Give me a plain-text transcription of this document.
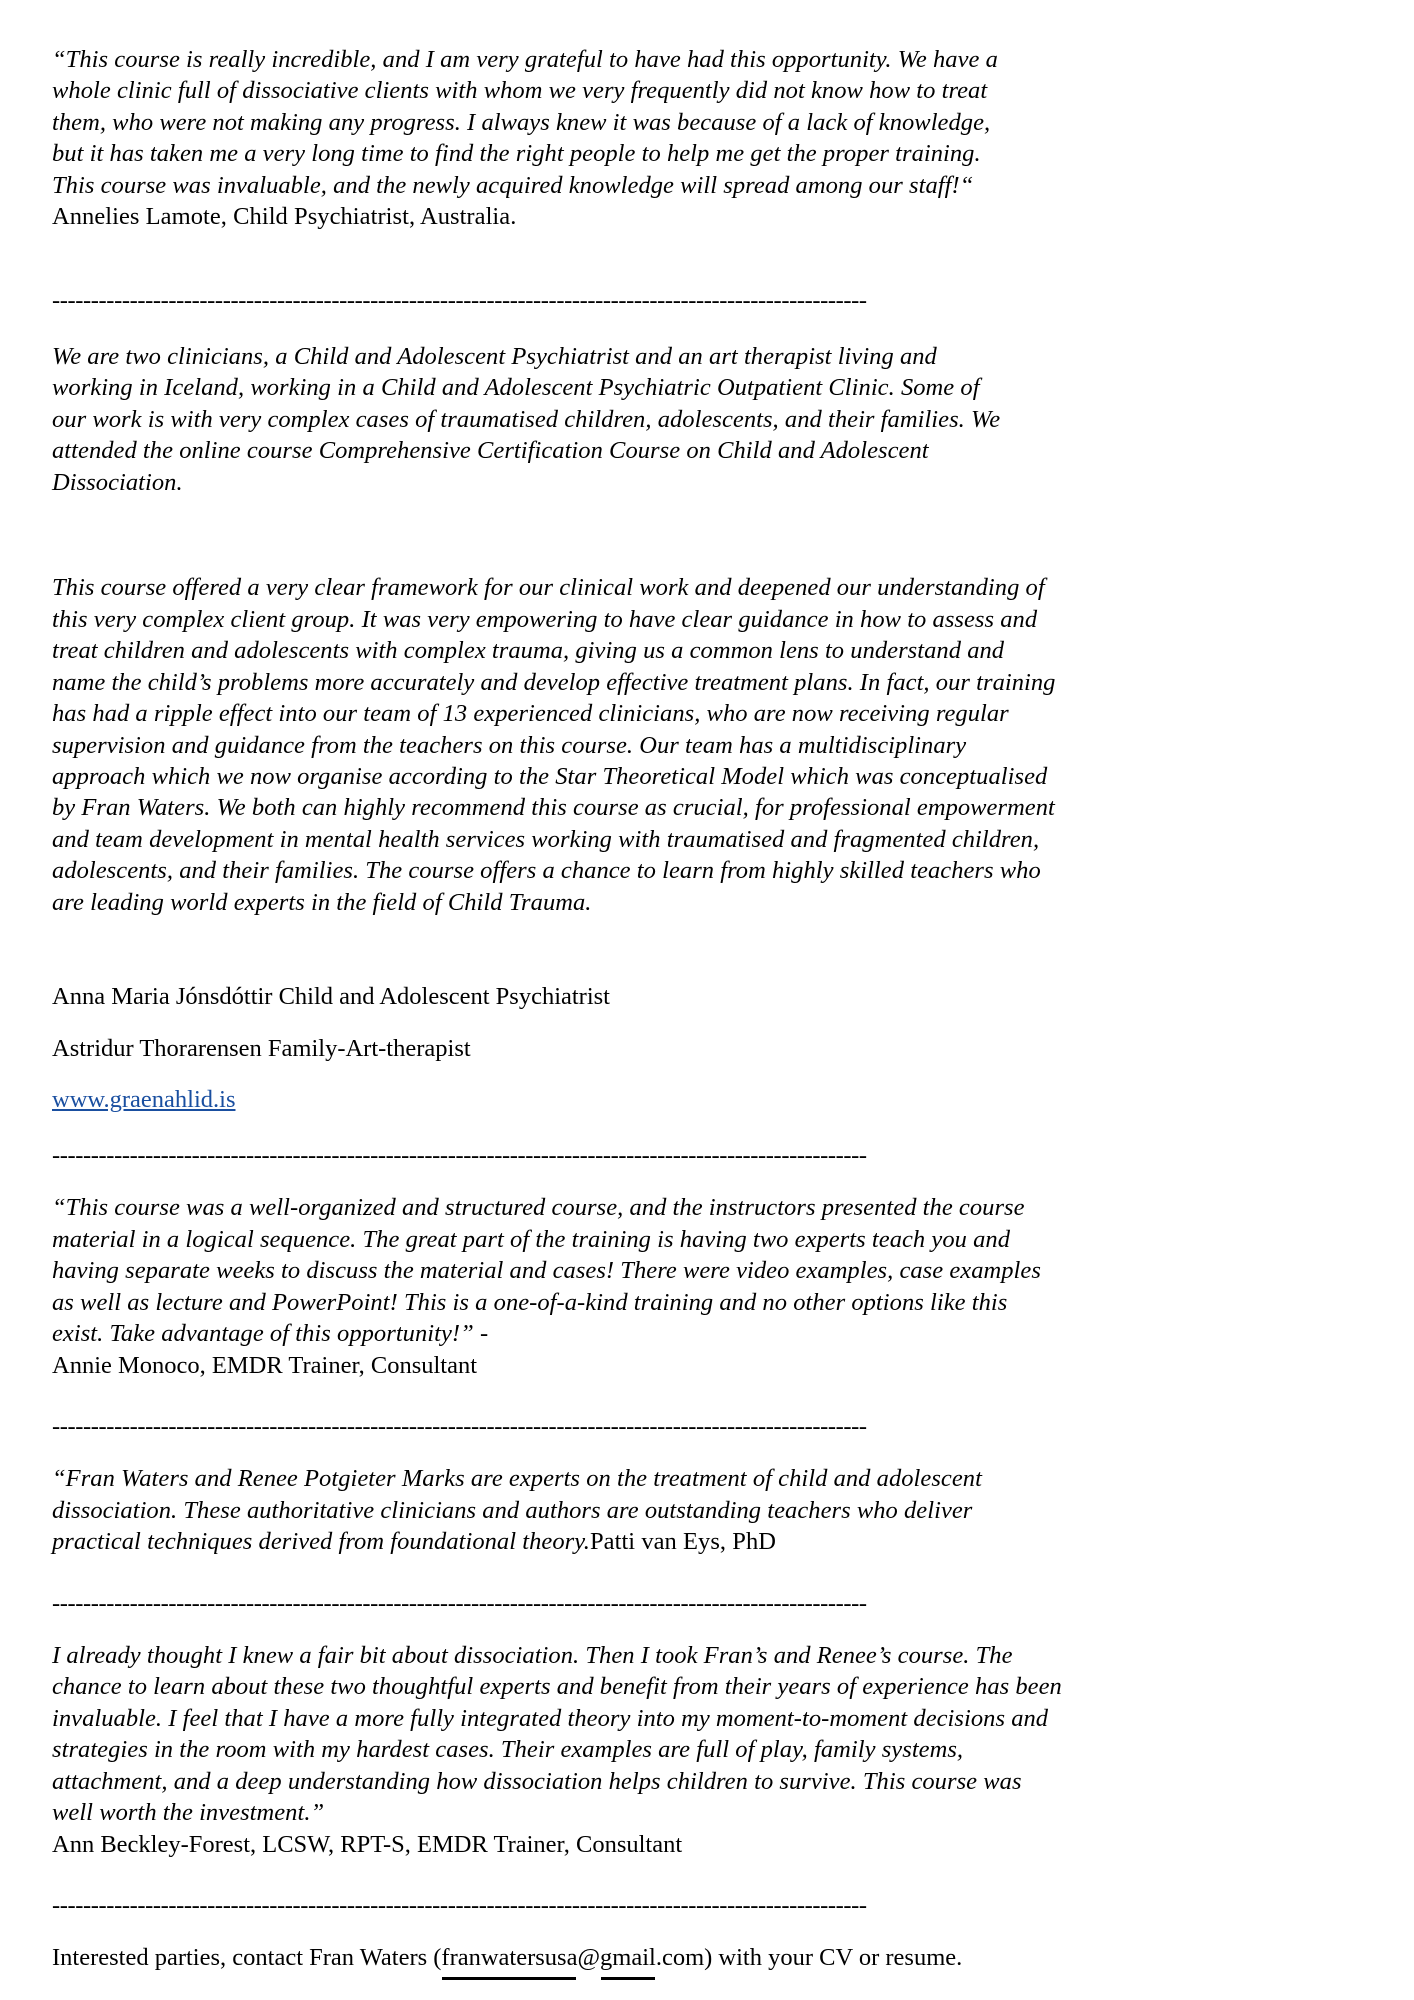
“This course is really incredible, and I am very grateful to have had this opportunity. We have a whole clinic full of dissociative clients with whom we very frequently did not know how to treat them, who were not making any progress. I always knew it was because of a lack of knowledge, but it has taken me a very long time to find the right people to help me get the proper training. This course was invaluable, and the newly acquired knowledge will spread among our staff!“ Annelies Lamote, Child Psychiatrist, Australia.

---------------------------------------------------------------------------------------------------------

We are two clinicians, a Child and Adolescent Psychiatrist and an art therapist living and working in Iceland, working in a Child and Adolescent Psychiatric Outpatient Clinic. Some of our work is with very complex cases of traumatised children, adolescents, and their families. We attended the online course Comprehensive Certification Course on Child and Adolescent Dissociation.

This course offered a very clear framework for our clinical work and deepened our understanding of this very complex client group. It was very empowering to have clear guidance in how to assess and treat children and adolescents with complex trauma, giving us a common lens to understand and name the child’s problems more accurately and develop effective treatment plans. In fact, our training has had a ripple effect into our team of 13 experienced clinicians, who are now receiving regular supervision and guidance from the teachers on this course. Our team has a multidisciplinary approach which we now organise according to the Star Theoretical Model which was conceptualised by Fran Waters. We both can highly recommend this course as crucial, for professional empowerment and team development in mental health services working with traumatised and fragmented children, adolescents, and their families. The course offers a chance to learn from highly skilled teachers who are leading world experts in the field of Child Trauma.

Anna Maria Jónsdóttir Child and Adolescent Psychiatrist

Astridur Thorarensen Family-Art-therapist

www.graenahlid.is

---------------------------------------------------------------------------------------------------------

“This course was a well-organized and structured course, and the instructors presented the course material in a logical sequence. The great part of the training is having two experts teach you and having separate weeks to discuss the material and cases! There were video examples, case examples as well as lecture and PowerPoint! This is a one-of-a-kind training and no other options like this exist. Take advantage of this opportunity!” -

Annie Monoco, EMDR Trainer, Consultant

---------------------------------------------------------------------------------------------------------

“Fran Waters and Renee Potgieter Marks are experts on the treatment of child and adolescent dissociation. These authoritative clinicians and authors are outstanding teachers who deliver practical techniques derived from foundational theory.Patti van Eys, PhD

---------------------------------------------------------------------------------------------------------

I already thought I knew a fair bit about dissociation. Then I took Fran’s and Renee’s course. The chance to learn about these two thoughtful experts and benefit from their years of experience has been invaluable. I feel that I have a more fully integrated theory into my moment-to-moment decisions and strategies in the room with my hardest cases. Their examples are full of play, family systems, attachment, and a deep understanding how dissociation helps children to survive. This course was well worth the investment.”

Ann Beckley-Forest, LCSW, RPT-S, EMDR Trainer, Consultant

---------------------------------------------------------------------------------------------------------

Interested parties, contact Fran Waters (franwatersusa@gmail.com) with your CV or resume.
